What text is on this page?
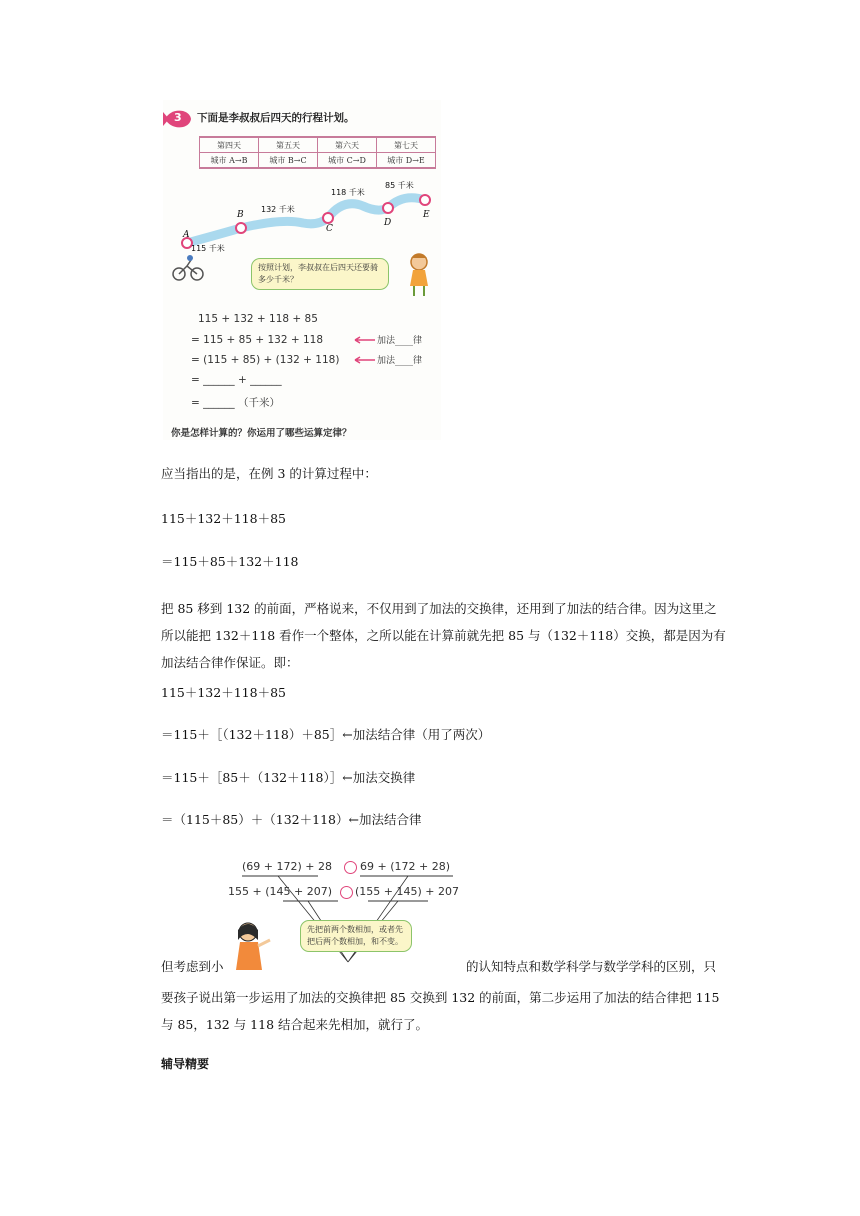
3 下面是李叔叔后四天的行程计划。
第四天	第五天	第六天	第七天
城市 A→B	城市 B→C	城市 C→D	城市 D→E
A
B
C
D
E
115 千米
132 千米
118 千米
85 千米
按照计划，李叔叔在后四天还要骑多少千米？
115 + 132 + 118 + 85
= 115 + 85 + 132 + 118
= (115 + 85) + (132 + 118)
= ______ + ______
= ______ （千米）
加法____律
加法____律
你是怎样计算的？你运用了哪些运算定律？
应当指出的是，在例 3 的计算过程中：
115＋132＋118＋85
＝115＋85＋132＋118
把 85 移到 132 的前面，严格说来，不仅用到了加法的交换律，还用到了加法的结合律。因为这里之所以能把 132＋118 看作一个整体，之所以能在计算前就先把 85 与（132＋118）交换，都是因为有加法结合律作保证。即：
115＋132＋118＋85
＝115＋［（132＋118）＋85］←加法结合律（用了两次）
＝115＋［85＋（132＋118）］←加法交换律
＝（115＋85）＋（132＋118）←加法结合律
(69 + 172) + 28	69 + (172 + 28)
155 + (145 + 207) (155 + 145) + 207
先把前两个数相加，或者先把后两个数相加，和不变。
但考虑到小	的认知特点和数学科学与数学学科的区别，只
要孩子说出第一步运用了加法的交换律把 85 交换到 132 的前面，第二步运用了加法的结合律把 115 与 85，132 与 118 结合起来先相加，就行了。
辅导精要
